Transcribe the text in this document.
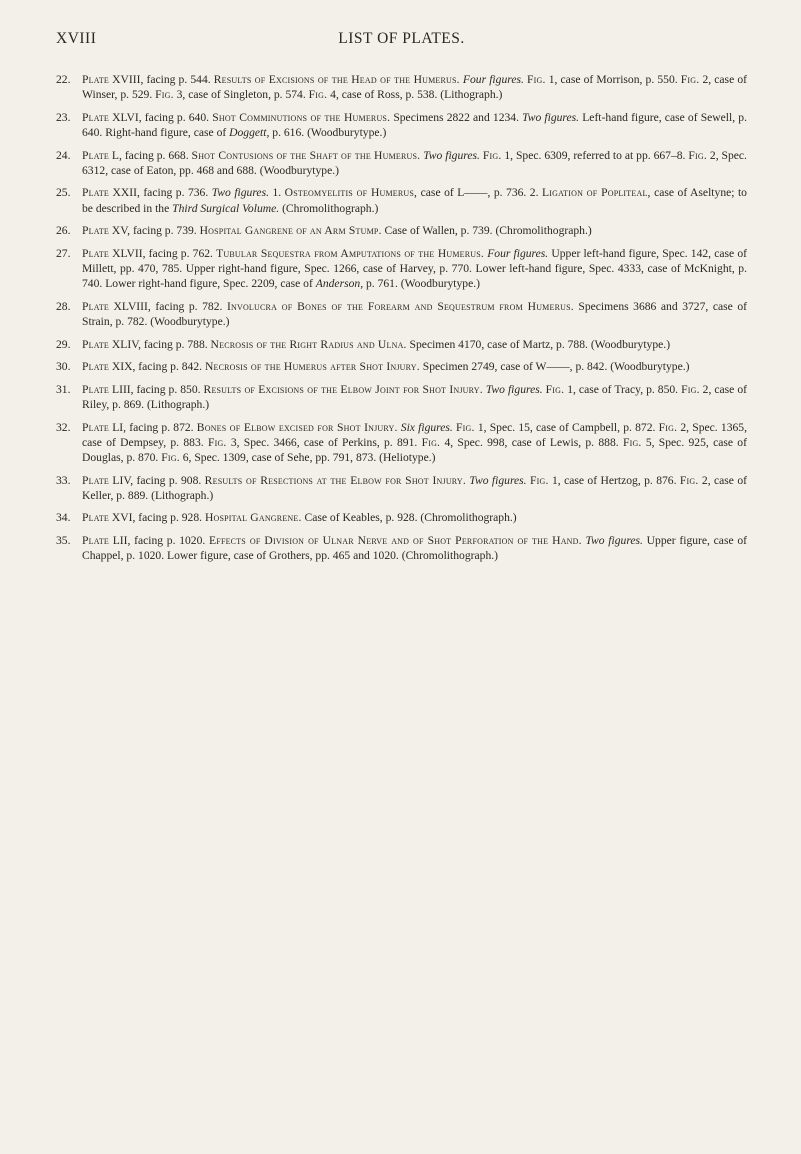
XVIII	LIST OF PLATES.
22. Plate XVIII, facing p. 544. Results of Excisions of the Head of the Humerus. Four figures. Fig. 1, case of Morrison, p. 550. Fig. 2, case of Winser, p. 529. Fig. 3, case of Singleton, p. 574. Fig. 4, case of Ross, p. 538. (Lithograph.)
23. Plate XLVI, facing p. 640. Shot Comminutions of the Humerus. Specimens 2822 and 1234. Two figures. Left-hand figure, case of Sewell, p. 640. Right-hand figure, case of Doggett, p. 616. (Woodburytype.)
24. Plate L, facing p. 668. Shot Contusions of the Shaft of the Humerus. Two figures. Fig. 1, Spec. 6309, referred to at pp. 667–8. Fig. 2, Spec. 6312, case of Eaton, pp. 468 and 688. (Woodburytype.)
25. Plate XXII, facing p. 736. Two figures. 1. Osteomyelitis of Humerus, case of L——, p. 736. 2. Ligation of Popliteal, case of Aseltyne; to be described in the Third Surgical Volume. (Chromolithograph.)
26. Plate XV, facing p. 739. Hospital Gangrene of an Arm Stump. Case of Wallen, p. 739. (Chromolithograph.)
27. Plate XLVII, facing p. 762. Tubular Sequestra from Amputations of the Humerus. Four figures. Upper left-hand figure, Spec. 142, case of Millett, pp. 470, 785. Upper right-hand figure, Spec. 1266, case of Harvey, p. 770. Lower left-hand figure, Spec. 4333, case of McKnight, p. 740. Lower right-hand figure, Spec. 2209, case of Anderson, p. 761. (Woodburytype.)
28. Plate XLVIII, facing p. 782. Involucra of Bones of the Forearm and Sequestrum from Humerus. Specimens 3686 and 3727, case of Strain, p. 782. (Woodburytype.)
29. Plate XLIV, facing p. 788. Necrosis of the Right Radius and Ulna. Specimen 4170, case of Martz, p. 788. (Woodburytype.)
30. Plate XIX, facing p. 842. Necrosis of the Humerus after Shot Injury. Specimen 2749, case of W——, p. 842. (Woodburytype.)
31. Plate LIII, facing p. 850. Results of Excisions of the Elbow Joint for Shot Injury. Two figures. Fig. 1, case of Tracy, p. 850. Fig. 2, case of Riley, p. 869. (Lithograph.)
32. Plate LI, facing p. 872. Bones of Elbow excised for Shot Injury. Six figures. Fig. 1, Spec. 15, case of Campbell, p. 872. Fig. 2, Spec. 1365, case of Dempsey, p. 883. Fig. 3, Spec. 3466, case of Perkins, p. 891. Fig. 4, Spec. 998, case of Lewis, p. 888. Fig. 5, Spec. 925, case of Douglas, p. 870. Fig. 6, Spec. 1309, case of Sehe, pp. 791, 873. (Heliotype.)
33. Plate LIV, facing p. 908. Results of Resections at the Elbow for Shot Injury. Two figures. Fig. 1, case of Hertzog, p. 876. Fig. 2, case of Keller, p. 889. (Lithograph.)
34. Plate XVI, facing p. 928. Hospital Gangrene. Case of Keables, p. 928. (Chromolithograph.)
35. Plate LII, facing p. 1020. Effects of Division of Ulnar Nerve and of Shot Perforation of the Hand. Two figures. Upper figure, case of Chappel, p. 1020. Lower figure, case of Grothers, pp. 465 and 1020. (Chromolithograph.)
